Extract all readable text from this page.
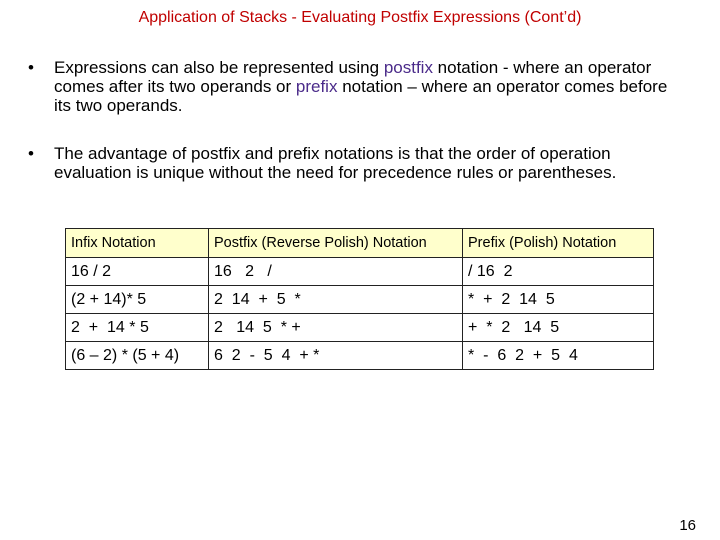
Application of Stacks - Evaluating Postfix Expressions (Cont’d)
• Expressions can also be represented using postfix notation - where an operator comes after its two operands or prefix notation – where an operator comes before its two operands.
• The advantage of postfix and prefix notations is that the order of operation evaluation is unique without the need for precedence rules or parentheses.
Infix Notation	Postfix (Reverse Polish) Notation	Prefix (Polish) Notation
16 / 2	16   2   /	/ 16  2
(2 + 14)* 5	2  14  +  5  *	*  +  2  14  5
2  +  14 * 5	2   14  5  * +	+  *  2   14  5
(6 – 2) * (5 + 4)	6  2  -  5  4  + *	*  -  6  2  +  5  4
16
